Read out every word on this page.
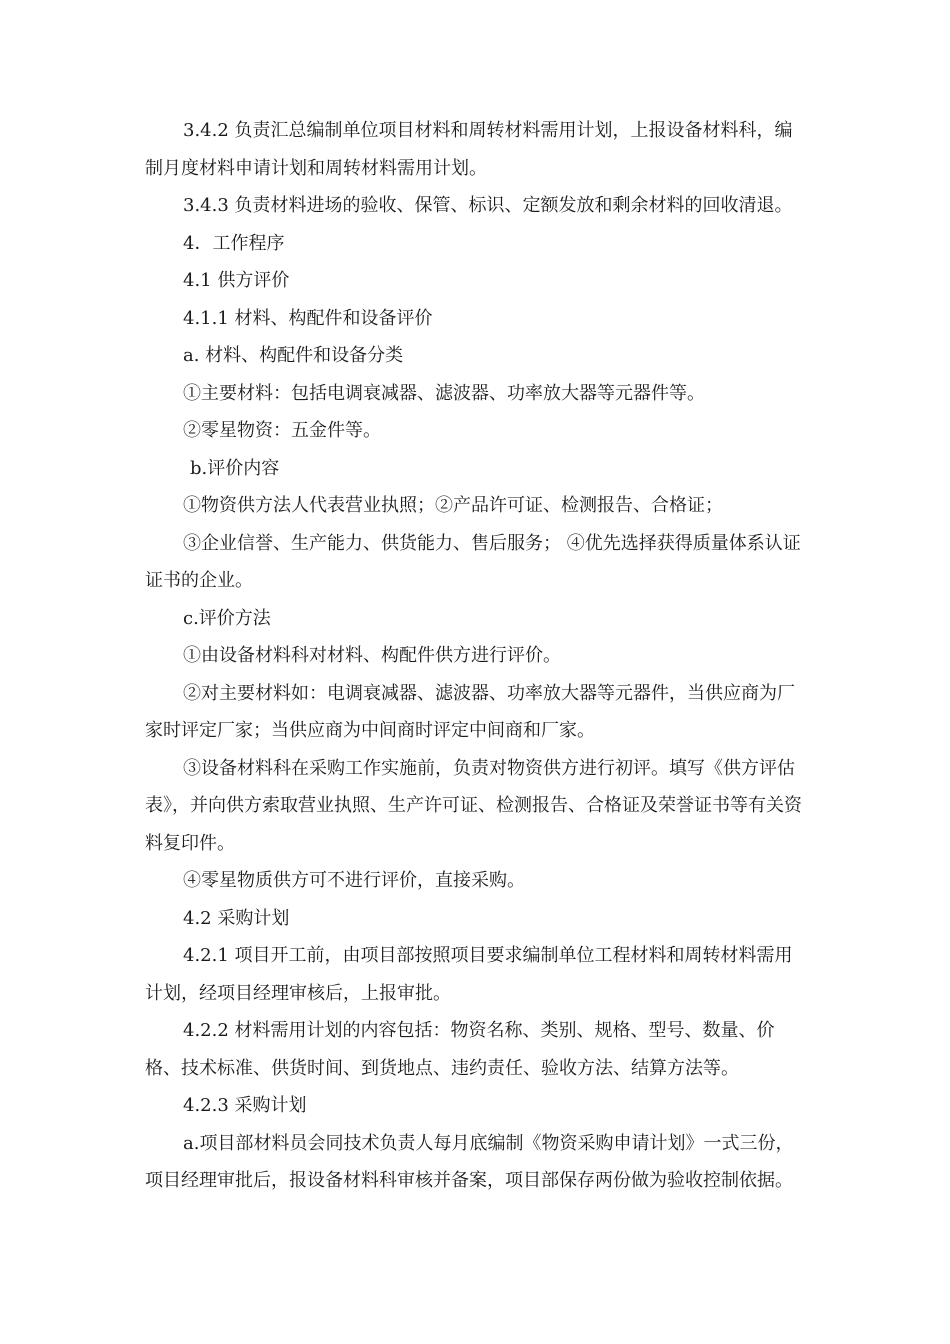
3.4.2 负责汇总编制单位项目材料和周转材料需用计划，上报设备材料科，编制月度材料申请计划和周转材料需用计划。

3.4.3 负责材料进场的验收、保管、标识、定额发放和剩余材料的回收清退。

4．工作程序

4.1 供方评价

4.1.1 材料、构配件和设备评价

a. 材料、构配件和设备分类

①主要材料：包括电调衰减器、滤波器、功率放大器等元器件等。

②零星物资：五金件等。

b.评价内容

①物资供方法人代表营业执照；②产品许可证、检测报告、合格证；

③企业信誉、生产能力、供货能力、售后服务； ④优先选择获得质量体系认证证书的企业。

c.评价方法

①由设备材料科对材料、构配件供方进行评价。

②对主要材料如：电调衰减器、滤波器、功率放大器等元器件，当供应商为厂家时评定厂家；当供应商为中间商时评定中间商和厂家。

③设备材料科在采购工作实施前，负责对物资供方进行初评。填写《供方评估表》，并向供方索取营业执照、生产许可证、检测报告、合格证及荣誉证书等有关资料复印件。

④零星物质供方可不进行评价，直接采购。

4.2 采购计划

4.2.1 项目开工前，由项目部按照项目要求编制单位工程材料和周转材料需用计划，经项目经理审核后，上报审批。

4.2.2 材料需用计划的内容包括：物资名称、类别、规格、型号、数量、价格、技术标准、供货时间、到货地点、违约责任、验收方法、结算方法等。

4.2.3 采购计划

a.项目部材料员会同技术负责人每月底编制《物资采购申请计划》一式三份，项目经理审批后，报设备材料科审核并备案，项目部保存两份做为验收控制依据。
